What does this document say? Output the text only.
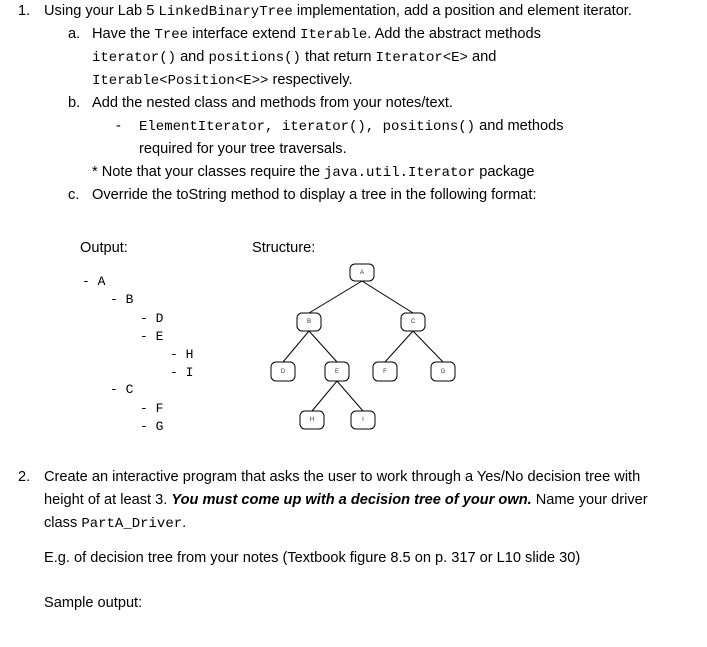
1. Using your Lab 5 LinkedBinaryTree implementation, add a position and element iterator.
a. Have the Tree interface extend Iterable. Add the abstract methods
iterator() and positions() that return Iterator<E> and
Iterable<Position<E>> respectively.
b. Add the nested class and methods from your notes/text.
- ElementIterator, iterator(), positions() and methods
required for your tree traversals.
* Note that your classes require the java.util.Iterator package
c. Override the toString method to display a tree in the following format:
Output:	Structure:
- A
- B
- D
- E
- H
- I
- C
- F
- G
A
B	C
D	E	F	G
H	I
2. Create an interactive program that asks the user to work through a Yes/No decision tree with
height of at least 3. You must come up with a decision tree of your own. Name your driver
class PartA_Driver.
E.g. of decision tree from your notes (Textbook figure 8.5 on p. 317 or L10 slide 30)
Sample output:
